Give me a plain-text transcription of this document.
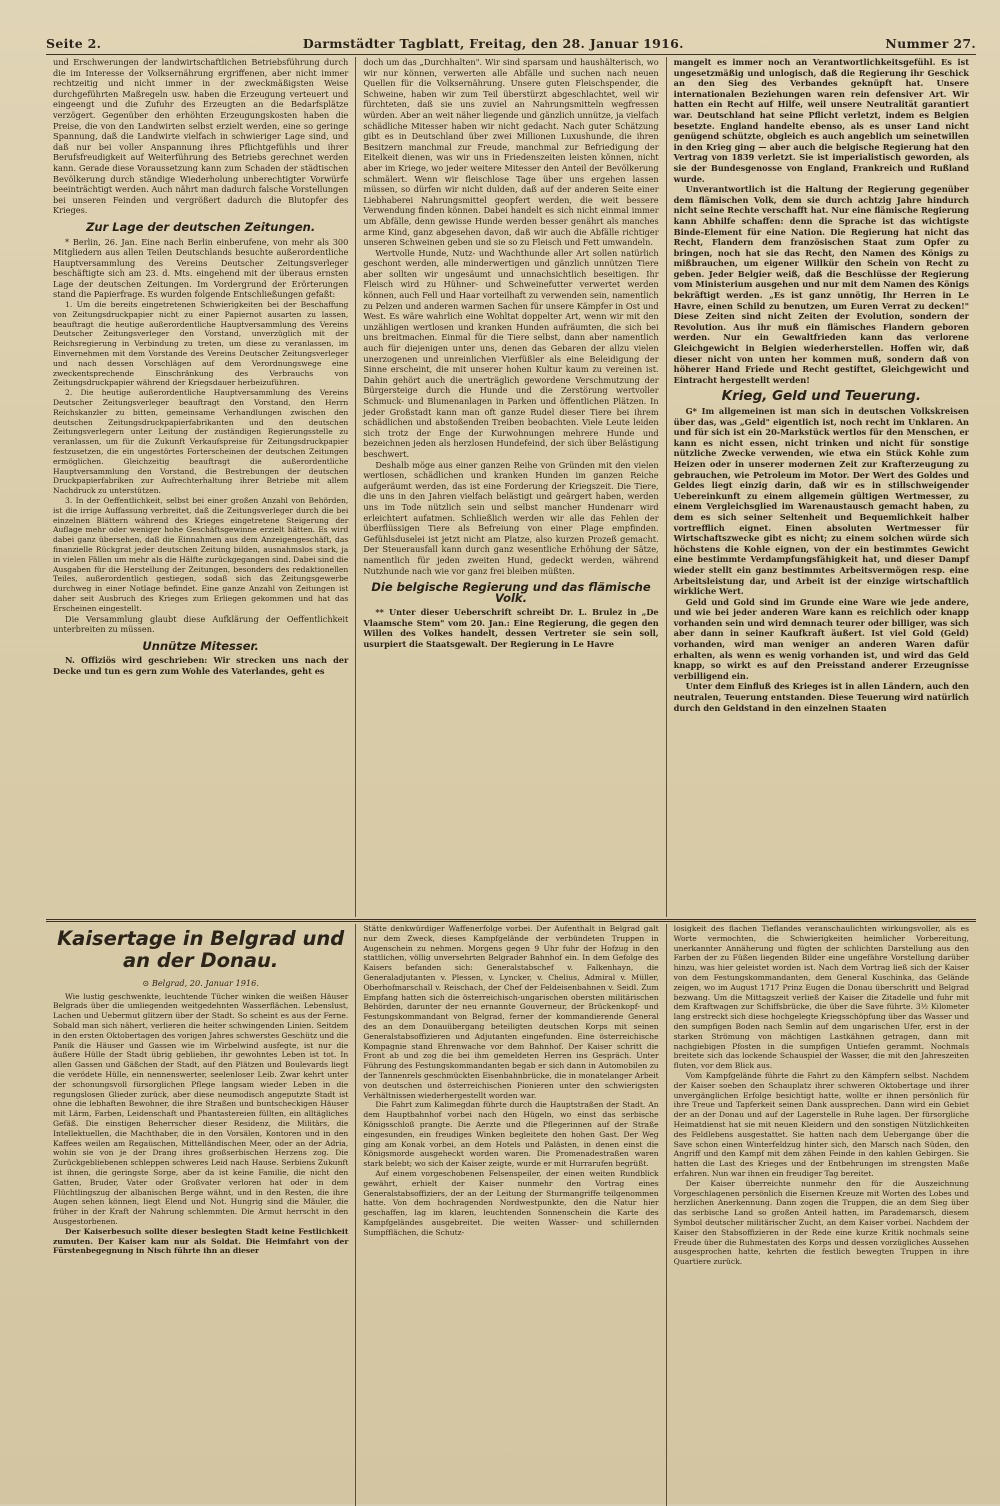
Seite 2.	Darmstädter Tagblatt, Freitag, den 28. Januar 1916.	Nummer 27.

und Erschwerungen der landwirtschaftlichen Betriebsführung durch die im Interesse der Volksernährung ergriffenen, aber nicht immer rechtzeitig und nicht immer in der zweckmäßigsten Weise durchgeführten Maßregeln usw. haben die Erzeugung verteuert und eingeengt und die Zufuhr des Erzeugten an die Bedarfsplätze verzögert. Gegenüber den erhöhten Erzeugungskosten haben die Preise, die von den Landwirten selbst erzielt werden, eine so geringe Spannung, daß die Landwirte vielfach in schwieriger Lage sind, und daß nur bei voller Anspannung ihres Pflichtgefühls und ihrer Berufsfreudigkeit auf Weiterführung des Betriebs gerechnet werden kann. Gerade diese Voraussetzung kann zum Schaden der städtischen Bevölkerung durch ständige Wiederholung unberechtigter Vorwürfe beeinträchtigt werden. Auch nährt man dadurch falsche Vorstellungen bei unseren Feinden und vergrößert dadurch die Blutopfer des Krieges.

Zur Lage der deutschen Zeitungen.

* Berlin, 26. Jan. Eine nach Berlin einberufene, von mehr als 300 Mitgliedern aus allen Teilen Deutschlands besuchte außerordentliche Hauptversammlung des Vereins Deutscher Zeitungsverleger beschäftigte sich am 23. d. Mts. eingehend mit der überaus ernsten Lage der deutschen Zeitungen. Im Vordergrund der Erörterungen stand die Papierfrage. Es wurden folgende Entschließungen gefaßt:

1. Um die bereits eingetretenen Schwierigkeiten bei der Beschaffung von Zeitungsdruckpapier nicht zu einer Papiernot ausarten zu lassen, beauftragt die heutige außerordentliche Hauptversammlung des Vereins Deutscher Zeitungsverleger den Vorstand, unverzüglich mit der Reichsregierung in Verbindung zu treten, um diese zu veranlassen, im Einvernehmen mit dem Vorstande des Vereins Deutscher Zeitungsverleger und nach dessen Vorschlägen auf dem Verordnungswege eine zweckentsprechende Einschränkung des Verbrauchs von Zeitungsdruckpapier während der Kriegsdauer herbeizuführen.

2. Die heutige außerordentliche Hauptversammlung des Vereins Deutscher Zeitungsverleger beauftragt den Vorstand, den Herrn Reichskanzler zu bitten, gemeinsame Verhandlungen zwischen den deutschen Zeitungsdruckpapierfabrikanten und den deutschen Zeitungsverlegern unter Leitung der zuständigen Regierungsstelle zu veranlassen, um für die Zukunft Verkaufspreise für Zeitungsdruckpapier festzusetzen, die ein ungestörtes Forterscheinen der deutschen Zeitungen ermöglichen. Gleichzeitig beauftragt die außerordentliche Hauptversammlung den Vorstand, die Bestrebungen der deutschen Druckpapierfabriken zur Aufrechterhaltung ihrer Betriebe mit allem Nachdruck zu unterstützen.

3. In der Oeffentlichkeit, selbst bei einer großen Anzahl von Behörden, ist die irrige Auffassung verbreitet, daß die Zeitungsverleger durch die bei einzelnen Blättern während des Krieges eingetretene Steigerung der Auflage mehr oder weniger hohe Geschäftsgewinne erzielt hätten. Es wird dabei ganz übersehen, daß die Einnahmen aus dem Anzeigengeschäft, das finanzielle Rückgrat jeder deutschen Zeitung bilden, ausnahmslos stark, ja in vielen Fällen um mehr als die Hälfte zurückgegangen sind. Dabei sind die Ausgaben für die Herstellung der Zeitungen, besonders des redaktionellen Teiles, außerordentlich gestiegen, sodaß sich das Zeitungsgewerbe durchweg in einer Notlage befindet. Eine ganze Anzahl von Zeitungen ist daher seit Ausbruch des Krieges zum Erliegen gekommen und hat das Erscheinen eingestellt.

Die Versammlung glaubt diese Aufklärung der Oeffentlichkeit unterbreiten zu müssen.

Unnütze Mitesser.

N. Offiziös wird geschrieben: Wir strecken uns nach der Decke und tun es gern zum Wohle des Vaterlandes, geht es

doch um das „Durchhalten". Wir sind sparsam und haushälterisch, wo wir nur können, verwerten alle Abfälle und suchen nach neuen Quellen für die Volksernährung. Unsere guten Fleischspender, die Schweine, haben wir zum Teil überstürzt abgeschlachtet, weil wir fürchteten, daß sie uns zuviel an Nahrungsmitteln wegfressen würden. Aber an weit näher liegende und gänzlich unnütze, ja vielfach schädliche Mitesser haben wir nicht gedacht. Nach guter Schätzung gibt es in Deutschland über zwei Millionen Luxushunde, die ihren Besitzern manchmal zur Freude, manchmal zur Befriedigung der Eitelkeit dienen, was wir uns in Friedenszeiten leisten können, nicht aber im Kriege, wo jeder weitere Mitesser den Anteil der Bevölkerung schmälert. Wenn wir fleischlose Tage über uns ergehen lassen müssen, so dürfen wir nicht dulden, daß auf der anderen Seite einer Liebhaberei Nahrungsmittel geopfert werden, die weit bessere Verwendung finden können. Dabei handelt es sich nicht einmal immer um Abfälle, denn gewisse Hunde werden besser genährt als manches arme Kind, ganz abgesehen davon, daß wir auch die Abfälle richtiger unseren Schweinen geben und sie so zu Fleisch und Fett umwandeln.

Wertvolle Hunde, Nutz- und Wachthunde aller Art sollen natürlich geschont werden, alle minderwertigen und gänzlich unnützen Tiere aber sollten wir ungesäumt und unnachsichtlich beseitigen. Ihr Fleisch wird zu Hühner- und Schweinefutter verwertet werden können, auch Fell und Haar vorteilhaft zu verwenden sein, namentlich zu Pelzen und anderen warmen Sachen für unsere Kämpfer in Ost und West. Es wäre wahrlich eine Wohltat doppelter Art, wenn wir mit den unzähligen wertlosen und kranken Hunden aufräumten, die sich bei uns breitmachen. Einmal für die Tiere selbst, dann aber namentlich auch für diejenigen unter uns, denen das Gebaren der allzu vielen unerzogenen und unreinlichen Vierfüßler als eine Beleidigung der Sinne erscheint, die mit unserer hohen Kultur kaum zu vereinen ist. Dahin gehört auch die unerträglich gewordene Verschmutzung der Bürgersteige durch die Hunde und die Zerstörung wertvoller Schmuck- und Blumenanlagen in Parken und öffentlichen Plätzen. In jeder Großstadt kann man oft ganze Rudel dieser Tiere bei ihrem schädlichen und abstoßenden Treiben beobachten. Viele Leute leiden sich trotz der Enge der Kurwohnungen mehrere Hunde und bezeichnen jeden als herzlosen Hundefeind, der sich über Belästigung beschwert.

Deshalb möge aus einer ganzen Reihe von Gründen mit den vielen wertlosen, schädlichen und kranken Hunden im ganzen Reiche aufgeräumt werden, das ist eine Forderung der Kriegszeit. Die Tiere, die uns in den Jahren vielfach belästigt und geärgert haben, werden uns im Tode nützlich sein und selbst mancher Hundenarr wird erleichtert aufatmen. Schließlich werden wir alle das Fehlen der überflüssigen Tiere als Befreiung von einer Plage empfinden. Gefühlsduselei ist jetzt nicht am Platze, also kurzen Prozeß gemacht. Der Steuerausfall kann durch ganz wesentliche Erhöhung der Sätze, namentlich für jeden zweiten Hund, gedeckt werden, während Nutzhunde nach wie vor ganz frei bleiben müßten.

Die belgische Regierung und das flämische Volk.

** Unter dieser Ueberschrift schreibt Dr. L. Brulez in „De Vlaamsche Stem" vom 20. Jan.: Eine Regierung, die gegen den Willen des Volkes handelt, dessen Vertreter sie sein soll, usurpiert die Staatsgewalt. Der Regierung in Le Havre

mangelt es immer noch an Verantwortlichkeitsgefühl. Es ist ungesetzmäßig und unlogisch, daß die Regierung ihr Geschick an den Sieg des Verbandes geknüpft hat. Unsere internationalen Beziehungen waren rein defensiver Art. Wir hatten ein Recht auf Hilfe, weil unsere Neutralität garantiert war. Deutschland hat seine Pflicht verletzt, indem es Belgien besetzte. England handelte ebenso, als es unser Land nicht genügend schützte, obgleich es auch angeblich um seinetwillen in den Krieg ging — aber auch die belgische Regierung hat den Vertrag von 1839 verletzt. Sie ist imperialistisch geworden, als sie der Bundesgenosse von England, Frankreich und Rußland wurde.

Unverantwortlich ist die Haltung der Regierung gegenüber dem flämischen Volk, dem sie durch achtzig Jahre hindurch nicht seine Rechte verschafft hat. Nur eine flämische Regierung kann Abhilfe schaffen: denn die Sprache ist das wichtigste Binde-Element für eine Nation. Die Regierung hat nicht das Recht, Flandern dem französischen Staat zum Opfer zu bringen, noch hat sie das Recht, den Namen des Königs zu mißbrauchen, um eigener Willkür den Schein von Recht zu geben. Jeder Belgier weiß, daß die Beschlüsse der Regierung vom Ministerium ausgehen und nur mit dem Namen des Königs bekräftigt werden. „Es ist ganz unnötig, Ihr Herren in Le Havre, einen Schild zu benutzen, um Euren Verrat zu decken!" Diese Zeiten sind nicht Zeiten der Evolution, sondern der Revolution. Aus ihr muß ein flämisches Flandern geboren werden. Nur ein Gewaltfrieden kann das verlorene Gleichgewicht in Belgien wiederherstellen. Hoffen wir, daß dieser nicht von unten her kommen muß, sondern daß von höherer Hand Friede und Recht gestiftet, Gleichgewicht und Eintracht hergestellt werden!

Krieg, Geld und Teuerung.

G* Im allgemeinen ist man sich in deutschen Volkskreisen über das, was „Geld" eigentlich ist, noch recht im Unklaren. An und für sich ist ein 20-Markstück wertlos für den Menschen, er kann es nicht essen, nicht trinken und nicht für sonstige nützliche Zwecke verwenden, wie etwa ein Stück Kohle zum Heizen oder in unserer modernen Zeit zur Krafterzeugung zu gebrauchen, wie Petroleum im Motor. Der Wert des Goldes und Geldes liegt einzig darin, daß wir es in stillschweigender Uebereinkunft zu einem allgemein gültigen Wertmesser, zu einem Vergleichsglied im Warenaustausch gemacht haben, zu dem es sich seiner Seltenheit und Bequemlichkeit halber vortrefflich eignet. Einen absoluten Wertmesser für Wirtschaftszwecke gibt es nicht; zu einem solchen würde sich höchstens die Kohle eignen, von der ein bestimmtes Gewicht eine bestimmte Verdampfungsfähigkeit hat, und dieser Dampf wieder stellt ein ganz bestimmtes Arbeitsvermögen resp. eine Arbeitsleistung dar, und Arbeit ist der einzige wirtschaftlich wirkliche Wert.

Geld und Gold sind im Grunde eine Ware wie jede andere, und wie bei jeder anderen Ware kann es reichlich oder knapp vorhanden sein und wird demnach teurer oder billiger, was sich aber dann in seiner Kaufkraft äußert. Ist viel Gold (Geld) vorhanden, wird man weniger an anderen Waren dafür erhalten, als wenn es wenig vorhanden ist, und wird das Geld knapp, so wirkt es auf den Preisstand anderer Erzeugnisse verbilligend ein.

Unter dem Einfluß des Krieges ist in allen Ländern, auch den neutralen, Teuerung entstanden. Diese Teuerung wird natürlich durch den Geldstand in den einzelnen Staaten

Kaisertage in Belgrad und an der Donau.
⊙ Belgrad, 20. Januar 1916.

Wie lustig geschwenkte, leuchtende Tücher winken die weißen Häuser Belgrads über die umliegenden weitgedehnten Wasserflächen. Lebenslust, Lachen und Uebermut glitzern über der Stadt. So scheint es aus der Ferne. Sobald man sich nähert, verlieren die heiter schwingenden Linien. Seitdem in den ersten Oktobertagen des vorigen Jahres schwerstes Geschütz und die Panik die Häuser und Gassen wie im Wirbelwind ausfegte, ist nur die äußere Hülle der Stadt übrig geblieben, ihr gewohntes Leben ist tot. In allen Gassen und Gäßchen der Stadt, auf den Plätzen und Boulevards liegt die verödete Hülle, ein nennenswerter, seelenloser Leib. Zwar kehrt unter der schonungsvoll fürsorglichen Pflege langsam wieder Leben in die regungslosen Glieder zurück, aber diese neumodisch angeputzte Stadt ist ohne die lebhaften Bewohner, die ihre Straßen und buntscheckigen Häuser mit Lärm, Farben, Leidenschaft und Phantastereien füllten, ein alltägliches Gefäß. Die einstigen Beherrscher dieser Residenz, die Militärs, die Intellektuellen, die Machthaber, die in den Vorsälen, Kontoren und in den Kaffees weilen am Regaüschen, Mittelländischen Meer, oder an der Adria, wohin sie von je der Drang ihres großserbischen Herzens zog. Die Zurückgebliebenen schleppen schweres Leid nach Hause. Serbiens Zukunft ist ihnen, die geringste Sorge, aber da ist keine Familie, die nicht den Gatten, Bruder, Vater oder Großvater verloren hat oder in dem Flüchtlingszug der albanischen Berge wähnt, und in den Resten, die ihre Augen sehen können, liegt Elend und Not. Hungrig sind die Mäuler, die früher in der Kraft der Nahrung schlemmten. Die Armut herrscht in den Ausgestorbenen.

Der Kaiserbesuch sollte dieser beslegten Stadt keine Festlichkeit zumuten. Der Kaiser kam nur als Soldat. Die Heimfahrt von der Fürstenbegegnung in Nisch führte ihn an dieser

Stätte denkwürdiger Waffenerfolge vorbei. Der Aufenthalt in Belgrad galt nur dem Zweck, dieses Kampfgelände der verbündeten Truppen in Augenschein zu nehmen. Morgens gegen 9 Uhr fuhr der Hofzug in den stattlichen, völlig unversehrten Belgrader Bahnhof ein. In dem Gefolge des Kaisers befanden sich: Generalstabschef v. Falkenhayn, die Generaladjutanten v. Plessen, v. Lyncker, v. Chelius, Admiral v. Müller, Oberhofmarschall v. Reischach, der Chef der Feldeisenbahnen v. Seidl. Zum Empfang hatten sich die österreichisch-ungarischen obersten militärischen Behörden, darunter der neu ernannte Gouverneur, der Brückenkopf- und Festungskommandant von Belgrad, ferner der kommandierende General des an dem Donauübergang beteiligten deutschen Korps mit seinen Generalstabsoffizieren und Adjutanten eingefunden. Eine österreichische Kompagnie stand Ehrenwache vor dem Bahnhof. Der Kaiser schritt die Front ab und zog die bei ihm gemeldeten Herren ins Gespräch. Unter Führung des Festungskommandanten begab er sich dann in Automobilen zu der Tannenrels geschmückten Eisenbahnbrücke, die in monatelanger Arbeit von deutschen und österreichischen Pionieren unter den schwierigsten Verhältnissen wiederhergestellt worden war.

Die Fahrt zum Kalimegdan führte durch die Hauptstraßen der Stadt. An dem Hauptbahnhof vorbei nach den Hügeln, wo einst das serbische Königsschloß prangte. Die Aerzte und die Pflegerinnen auf der Straße eingesunden, ein freudiges Winken begleitete den hohen Gast. Der Weg ging am Konak vorbei, an dem Hotels und Palästen, in denen einst die Königsmorde ausgeheckt worden waren. Die Promenadestraßen waren stark belebt; wo sich der Kaiser zeigte, wurde er mit Hurrarufen begrüßt.

Auf einem vorgeschobenen Felsenspeiler, der einen weiten Rundblick gewährt, erhielt der Kaiser nunmehr den Vortrag eines Generalstabsoffiziers, der an der Leitung der Sturmangriffe teilgenommen hatte. Von dem hochragenden Nordwestpunkte, den die Natur hier geschaffen, lag im klaren, leuchtenden Sonnenschein die Karte des Kampfgeländes ausgebreitet. Die weiten Wasser- und schillernden Sumpfflächen, die Schutz-

losigkeit des flachen Tieflandes veranschaulichten wirkungsvoller, als es Worte vermochten, die Schwierigkeiten heimlicher Vorbereitung, unerkannter Annäherung und fügten der schlichten Darstellung aus den Farben der zu Füßen liegenden Bilder eine ungefähre Vorstellung darüber hinzu, was hier geleistet worden ist. Nach dem Vortrag ließ sich der Kaiser von dem Festungskommandanten, dem General Kuschinka, das Gelände zeigen, wo im August 1717 Prinz Eugen die Donau überschritt und Belgrad bezwang. Um die Mittagszeit verließ der Kaiser die Zitadelle und fuhr mit dem Kraftwagen zur Schiffsbrücke, die über die Save führte. 3½ Kilometer lang erstreckt sich diese hochgelegte Kriegsschöpfung über das Wasser und den sumpfigen Boden nach Semlin auf dem ungarischen Ufer, erst in der starken Strömung von mächtigen Lastkähnen getragen, dann mit nachgiebigen Pfosten in die sumpfigen Untiefen gerammt. Nochmals breitete sich das lockende Schauspiel der Wasser, die mit den Jahreszeiten fluten, vor dem Blick aus.

Vom Kampfgelände führte die Fahrt zu den Kämpfern selbst. Nachdem der Kaiser soeben den Schauplatz ihrer schweren Oktobertage und ihrer unvergänglichen Erfolge besichtigt hatte, wollte er ihnen persönlich für ihre Treue und Tapferkeit seinen Dank aussprechen. Dann wird ein Gebiet der an der Donau und auf der Lagerstelle in Ruhe lagen. Der fürsorgliche Heimatdienst hat sie mit neuen Kleidern und den sonstigen Nützlichkeiten des Feldlebens ausgestattet. Sie hatten nach dem Uebergange über die Save schon einen Winterfeldzug hinter sich, den Marsch nach Süden, den Angriff und den Kampf mit dem zähen Feinde in den kahlen Gebirgen. Sie hatten die Last des Krieges und der Entbehrungen im strengsten Maße erfahren. Nun war ihnen ein freudiger Tag bereitet.

Der Kaiser überreichte nunmehr den für die Auszeichnung Vorgeschlagenen persönlich die Eisernen Kreuze mit Worten des Lobes und herzlichen Anerkennung. Dann zogen die Truppen, die an dem Sieg über das serbische Land so großen Anteil hatten, im Parademarsch, diesem Symbol deutscher militärischer Zucht, an dem Kaiser vorbei. Nachdem der Kaiser den Stabsoffizieren in der Rede eine kurze Kritik nochmals seine Freude über die Ruhmestaten des Korps und dessen vorzügliches Aussehen ausgesprochen hatte, kehrten die festlich bewegten Truppen in ihre Quartiere zurück.
